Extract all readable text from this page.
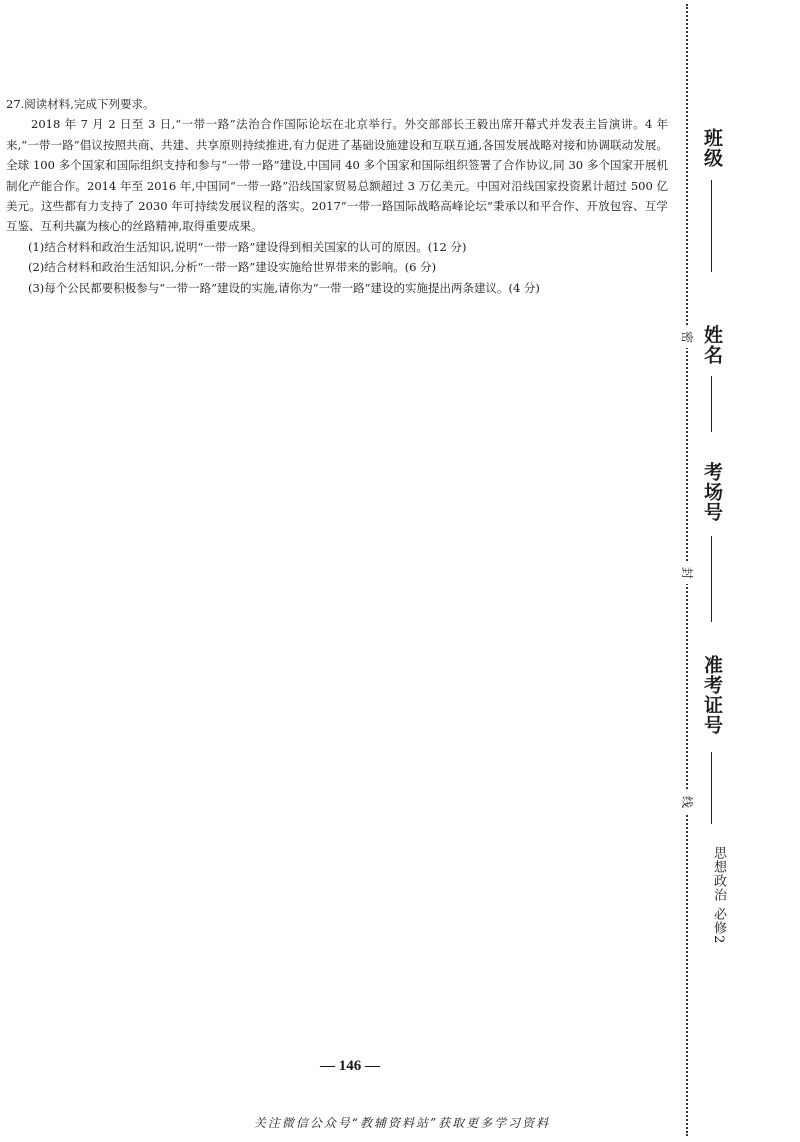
27.阅读材料,完成下列要求。

2018 年 7 月 2 日至 3 日,“一带一路”法治合作国际论坛在北京举行。外交部部长王毅出席开幕式并发表主旨演讲。4 年来,“一带一路”倡议按照共商、共建、共享原则持续推进,有力促进了基础设施建设和互联互通,各国发展战略对接和协调联动发展。全球 100 多个国家和国际组织支持和参与“一带一路”建设,中国同 40 多个国家和国际组织签署了合作协议,同 30 多个国家开展机制化产能合作。2014 年至 2016 年,中国同“一带一路”沿线国家贸易总额超过 3 万亿美元。中国对沿线国家投资累计超过 500 亿美元。这些都有力支持了 2030 年可持续发展议程的落实。2017“一带一路国际战略高峰论坛”秉承以和平合作、开放包容、互学互鉴、互利共赢为核心的丝路精神,取得重要成果。

(1)结合材料和政治生活知识,说明“一带一路”建设得到相关国家的认可的原因。(12 分)

(2)结合材料和政治生活知识,分析“一带一路”建设实施给世界带来的影响。(6 分)

(3)每个公民都要积极参与“一带一路”建设的实施,请你为“一带一路”建设的实施提出两条建议。(4 分)

— 146 —
关注微信公众号“教辅资料站”获取更多学习资料
密
封
线
班级
姓名
考场号
准考证号
思想政治 必修2
